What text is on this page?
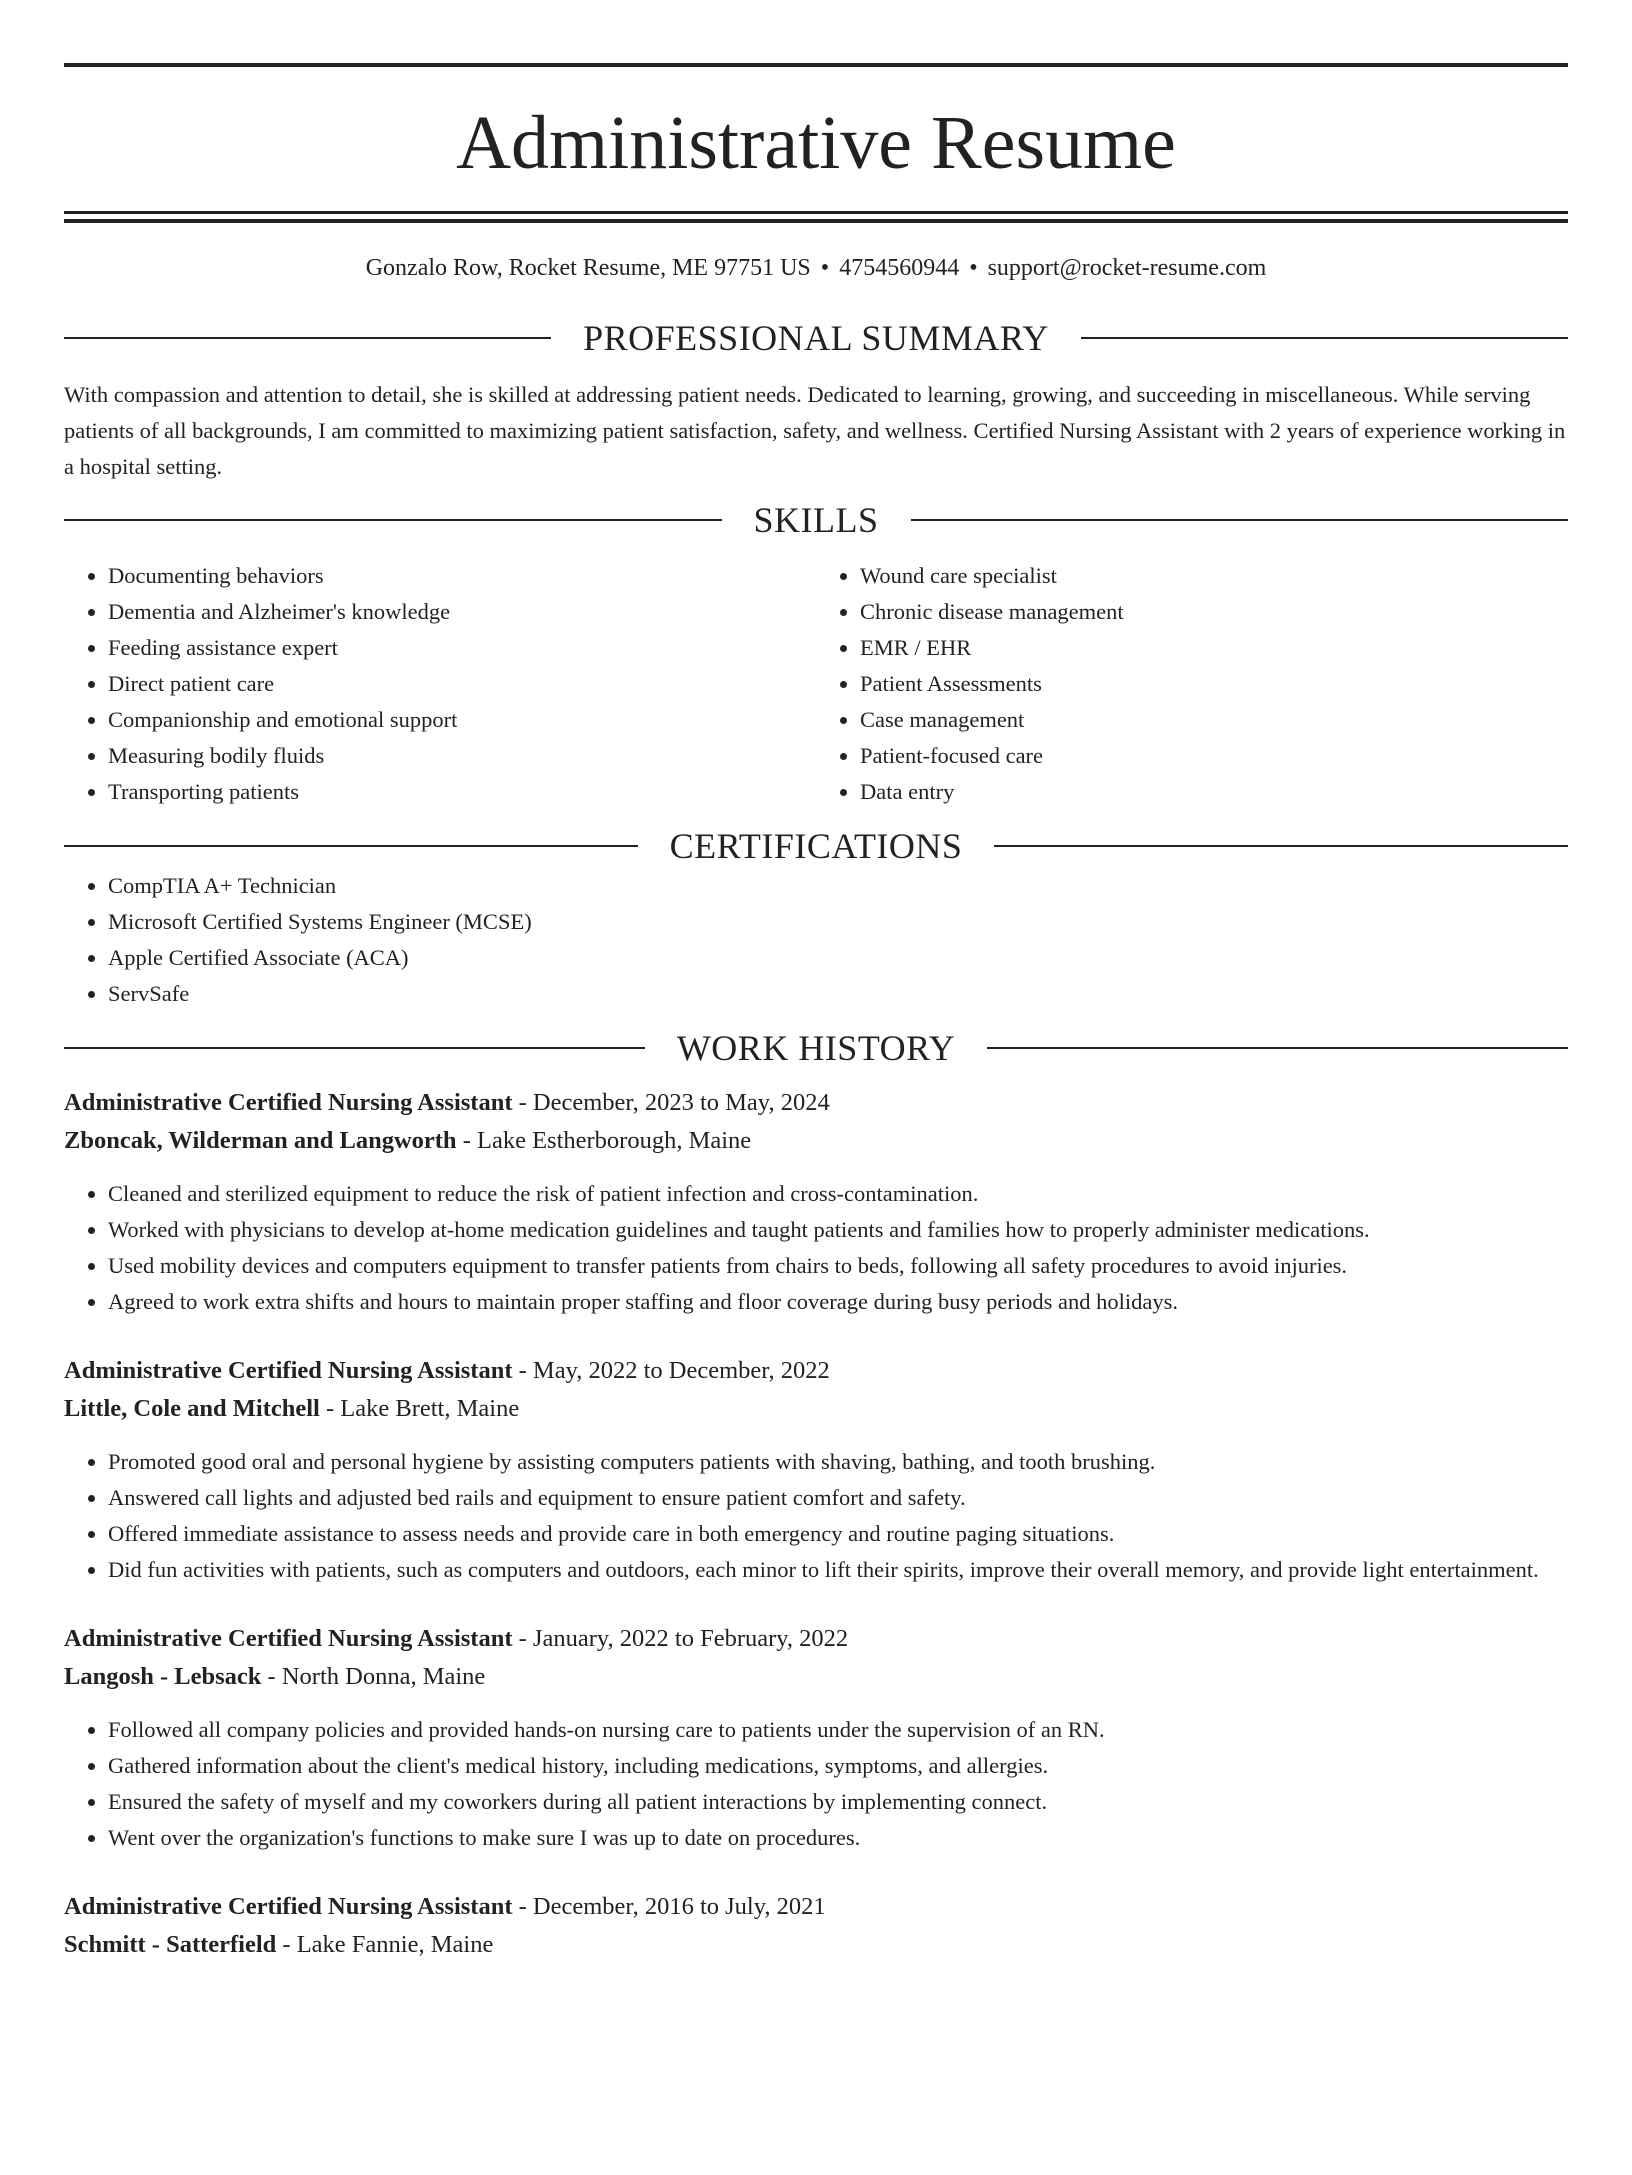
Administrative Resume
Gonzalo Row, Rocket Resume, ME 97751 US • 4754560944 • support@rocket-resume.com
PROFESSIONAL SUMMARY

With compassion and attention to detail, she is skilled at addressing patient needs. Dedicated to learning, growing, and succeeding in miscellaneous. While serving patients of all backgrounds, I am committed to maximizing patient satisfaction, safety, and wellness. Certified Nursing Assistant with 2 years of experience working in a hospital setting.

SKILLS
• Documenting behaviors
• Dementia and Alzheimer's knowledge
• Feeding assistance expert
• Direct patient care
• Companionship and emotional support
• Measuring bodily fluids
• Transporting patients
• Wound care specialist
• Chronic disease management
• EMR / EHR
• Patient Assessments
• Case management
• Patient-focused care
• Data entry
CERTIFICATIONS
• CompTIA A+ Technician
• Microsoft Certified Systems Engineer (MCSE)
• Apple Certified Associate (ACA)
• ServSafe
WORK HISTORY
Administrative Certified Nursing Assistant - December, 2023 to May, 2024
Zboncak, Wilderman and Langworth - Lake Estherborough, Maine
• Cleaned and sterilized equipment to reduce the risk of patient infection and cross-contamination.
• Worked with physicians to develop at-home medication guidelines and taught patients and families how to properly administer medications.
• Used mobility devices and computers equipment to transfer patients from chairs to beds, following all safety procedures to avoid injuries.
• Agreed to work extra shifts and hours to maintain proper staffing and floor coverage during busy periods and holidays.
Administrative Certified Nursing Assistant - May, 2022 to December, 2022
Little, Cole and Mitchell - Lake Brett, Maine
• Promoted good oral and personal hygiene by assisting computers patients with shaving, bathing, and tooth brushing.
• Answered call lights and adjusted bed rails and equipment to ensure patient comfort and safety.
• Offered immediate assistance to assess needs and provide care in both emergency and routine paging situations.
• Did fun activities with patients, such as computers and outdoors, each minor to lift their spirits, improve their overall memory, and provide light entertainment.
Administrative Certified Nursing Assistant - January, 2022 to February, 2022
Langosh - Lebsack - North Donna, Maine
• Followed all company policies and provided hands-on nursing care to patients under the supervision of an RN.
• Gathered information about the client's medical history, including medications, symptoms, and allergies.
• Ensured the safety of myself and my coworkers during all patient interactions by implementing connect.
• Went over the organization's functions to make sure I was up to date on procedures.
Administrative Certified Nursing Assistant - December, 2016 to July, 2021
Schmitt - Satterfield - Lake Fannie, Maine
